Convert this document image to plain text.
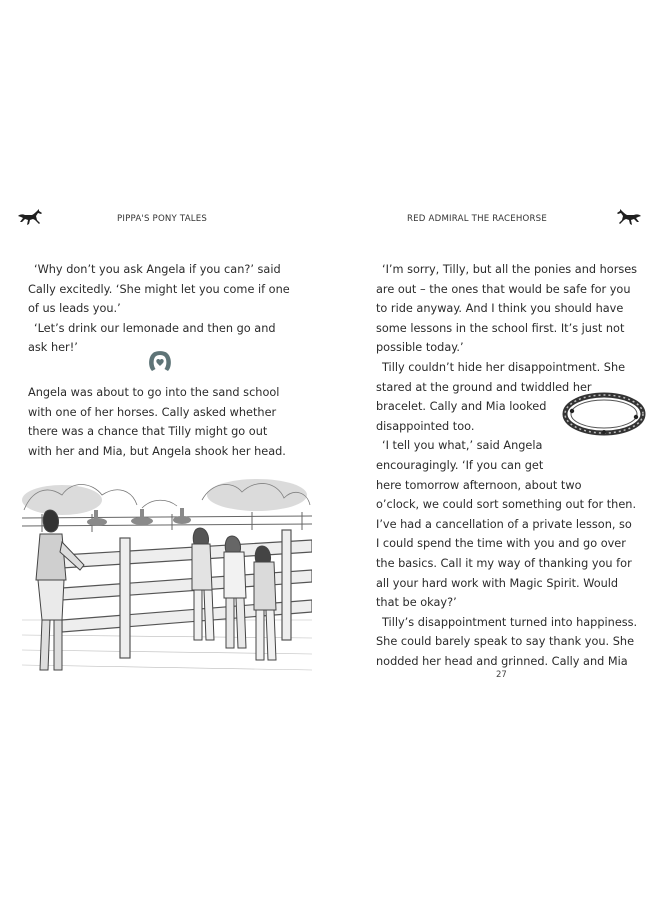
PIPPA'S PONY TALES
‘Why don’t you ask Angela if you can?’ said
Cally excitedly. ‘She might let you come if one
of us leads you.’
‘Let’s drink our lemonade and then go and
ask her!’
Angela was about to go into the sand school
with one of her horses. Cally asked whether
there was a chance that Tilly might go out
with her and Mia, but Angela shook her head.
RED ADMIRAL THE RACEHORSE
‘I’m sorry, Tilly, but all the ponies and horses
are out – the ones that would be safe for you
to ride anyway. And I think you should have
some lessons in the school first. It’s just not
possible today.’
Tilly couldn’t hide her disappointment. She
stared at the ground and twiddled her
bracelet. Cally and Mia looked
disappointed too.
‘I tell you what,’ said Angela
encouragingly. ‘If you can get
here tomorrow afternoon, about two
o’clock, we could sort something out for then.
I’ve had a cancellation of a private lesson, so
I could spend the time with you and go over
the basics. Call it my way of thanking you for
all your hard work with Magic Spirit. Would
that be okay?’
Tilly’s disappointment turned into happiness.
She could barely speak to say thank you. She
nodded her head and grinned. Cally and Mia
27
